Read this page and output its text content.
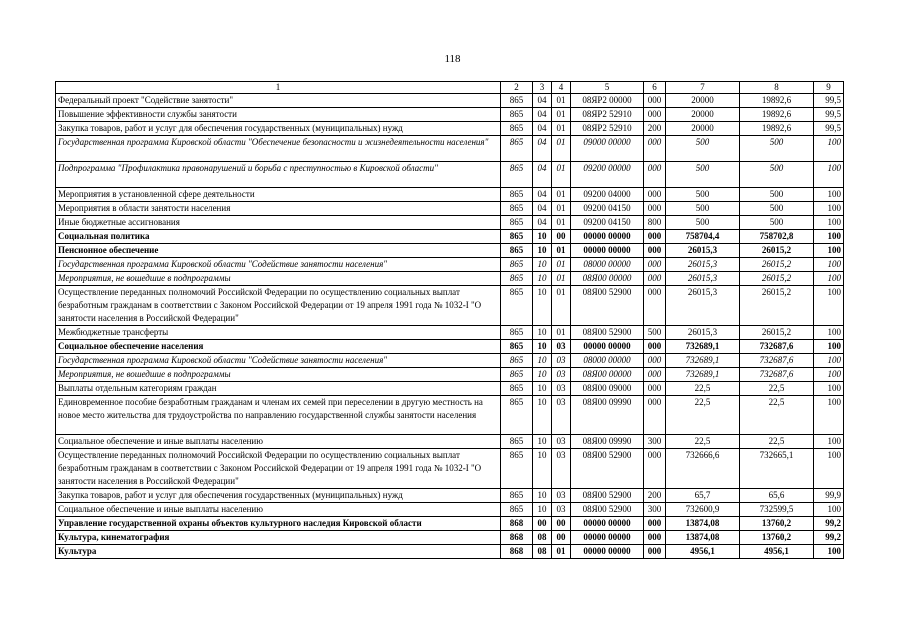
118
1	2	3	4	5	6	7	8	9
Федеральный проект "Содействие занятости"	865	04	01	08ЯР2 00000	000	20000	19892,6	99,5
Повышение эффективности службы занятости	865	04	01	08ЯР2 52910	000	20000	19892,6	99,5
Закупка товаров, работ и услуг для обеспечения государственных (муниципальных) нужд	865	04	01	08ЯР2 52910	200	20000	19892,6	99,5
Государственная программа Кировской области "Обеспечение безопасности и жизнедеятельности населения"	865	04	01	09000 00000	000	500	500	100
Подпрограмма "Профилактика правонарушений и борьба с преступностью в Кировской области"	865	04	01	09200 00000	000	500	500	100
Мероприятия в установленной сфере деятельности	865	04	01	09200 04000	000	500	500	100
Мероприятия в области занятости населения	865	04	01	09200 04150	000	500	500	100
Иные бюджетные ассигнования	865	04	01	09200 04150	800	500	500	100
Социальная политика	865	10	00	00000 00000	000	758704,4	758702,8	100
Пенсионное обеспечение	865	10	01	00000 00000	000	26015,3	26015,2	100
Государственная программа Кировской области "Содействие занятости населения"	865	10	01	08000 00000	000	26015,3	26015,2	100
Мероприятия, не вошедшие в подпрограммы	865	10	01	08Я00 00000	000	26015,3	26015,2	100
Осуществление переданных полномочий Российской Федерации по осуществлению социальных выплат безработным гражданам в соответствии с Законом Российской Федерации от 19 апреля 1991 года № 1032-I "О занятости населения в Российской Федерации"	865	10	01	08Я00 52900	000	26015,3	26015,2	100
Межбюджетные трансферты	865	10	01	08Я00 52900	500	26015,3	26015,2	100
Социальное обеспечение населения	865	10	03	00000 00000	000	732689,1	732687,6	100
Государственная программа Кировской области "Содействие занятости населения"	865	10	03	08000 00000	000	732689,1	732687,6	100
Мероприятия, не вошедшие в подпрограммы	865	10	03	08Я00 00000	000	732689,1	732687,6	100
Выплаты отдельным категориям граждан	865	10	03	08Я00 09000	000	22,5	22,5	100
Единовременное пособие безработным гражданам и членам их семей при переселении в другую местность на новое место жительства для трудоустройства по направлению государственной службы занятости населения	865	10	03	08Я00 09990	000	22,5	22,5	100
Социальное обеспечение и иные выплаты населению	865	10	03	08Я00 09990	300	22,5	22,5	100
Осуществление переданных полномочий Российской Федерации по осуществлению социальных выплат безработным гражданам в соответствии с Законом Российской Федерации от 19 апреля 1991 года № 1032-I "О занятости населения в Российской Федерации"	865	10	03	08Я00 52900	000	732666,6	732665,1	100
Закупка товаров, работ и услуг для обеспечения государственных (муниципальных) нужд	865	10	03	08Я00 52900	200	65,7	65,6	99,9
Социальное обеспечение и иные выплаты населению	865	10	03	08Я00 52900	300	732600,9	732599,5	100
Управление государственной охраны объектов культурного наследия Кировской области	868	00	00	00000 00000	000	13874,08	13760,2	99,2
Культура, кинематография	868	08	00	00000 00000	000	13874,08	13760,2	99,2
Культура	868	08	01	00000 00000	000	4956,1	4956,1	100
